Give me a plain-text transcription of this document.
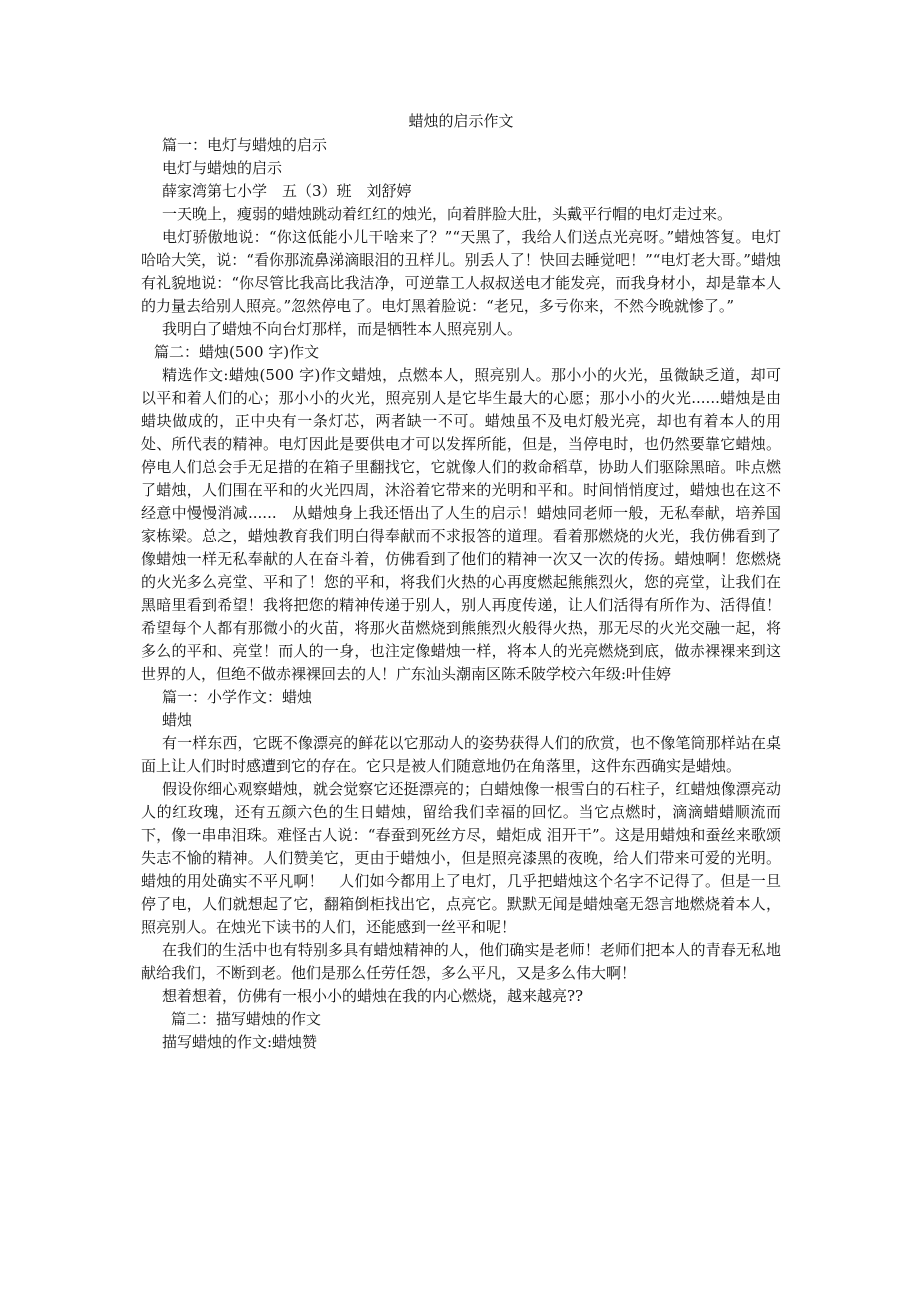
蜡烛的启示作文

篇一：电灯与蜡烛的启示

电灯与蜡烛的启示

薛家湾第七小学　五（3）班　刘舒婷

一天晚上，瘦弱的蜡烛跳动着红红的烛光，向着胖脸大肚，头戴平行帽的电灯走过来。

电灯骄傲地说：“你这低能小儿干啥来了？”“天黑了，我给人们送点光亮呀。”蜡烛答复。电灯哈哈大笑，说：“看你那流鼻涕滴眼泪的丑样儿。别丢人了！快回去睡觉吧！”“电灯老大哥。”蜡烛有礼貌地说：“你尽管比我高比我洁净，可逆靠工人叔叔送电才能发亮，而我身材小，却是靠本人的力量去给别人照亮。”忽然停电了。电灯黑着脸说：“老兄，多亏你来，不然今晚就惨了。”

我明白了蜡烛不向台灯那样，而是牺牲本人照亮别人。

篇二：蜡烛(500 字)作文

精选作文:蜡烛(500 字)作文蜡烛，点燃本人，照亮别人。那小小的火光，虽微缺乏道，却可以平和着人们的心；那小小的火光，照亮别人是它毕生最大的心愿；那小小的火光......蜡烛是由蜡块做成的，正中央有一条灯芯，两者缺一不可。蜡烛虽不及电灯般光亮，却也有着本人的用处、所代表的精神。电灯因此是要供电才可以发挥所能，但是，当停电时，也仍然要靠它蜡烛。停电人们总会手无足措的在箱子里翻找它，它就像人们的救命稻草，协助人们驱除黑暗。咔点燃了蜡烛，人们围在平和的火光四周，沐浴着它带来的光明和平和。时间悄悄度过，蜡烛也在这不经意中慢慢消减......　从蜡烛身上我还悟出了人生的启示！蜡烛同老师一般，无私奉献，培养国家栋梁。总之，蜡烛教育我们明白得奉献而不求报答的道理。看着那燃烧的火光，我仿佛看到了像蜡烛一样无私奉献的人在奋斗着，仿佛看到了他们的精神一次又一次的传扬。蜡烛啊！您燃烧的火光多么亮堂、平和了！您的平和，将我们火热的心再度燃起熊熊烈火，您的亮堂，让我们在黑暗里看到希望！我将把您的精神传递于别人，别人再度传递，让人们活得有所作为、活得值！　希望每个人都有那微小的火苗，将那火苗燃烧到熊熊烈火般得火热，那无尽的火光交融一起，将多么的平和、亮堂！而人的一身，也注定像蜡烛一样，将本人的光亮燃烧到底，做赤裸裸来到这世界的人，但绝不做赤裸裸回去的人！广东汕头潮南区陈禾陂学校六年级:叶佳婷

篇一：小学作文：蜡烛

蜡烛

有一样东西，它既不像漂亮的鲜花以它那动人的姿势获得人们的欣赏，也不像笔筒那样站在桌面上让人们时时感遭到它的存在。它只是被人们随意地仍在角落里，这件东西确实是蜡烛。

假设你细心观察蜡烛，就会觉察它还挺漂亮的；白蜡烛像一根雪白的石柱子，红蜡烛像漂亮动人的红玫瑰，还有五颜六色的生日蜡烛，留给我们幸福的回忆。当它点燃时，滴滴蜡蜡顺流而下，像一串串泪珠。难怪古人说：“春蚕到死丝方尽，蜡炬成 泪开干”。这是用蜡烛和蚕丝来歌颂失志不愉的精神。人们赞美它，更由于蜡烛小，但是照亮漆黑的夜晚，给人们带来可爱的光明。蜡烛的用处确实不平凡啊！　人们如今都用上了电灯，几乎把蜡烛这个名字不记得了。但是一旦停了电，人们就想起了它，翻箱倒柜找出它，点亮它。默默无闻是蜡烛毫无怨言地燃烧着本人，照亮别人。在烛光下读书的人们，还能感到一丝平和呢！

在我们的生活中也有特别多具有蜡烛精神的人，他们确实是老师！老师们把本人的青春无私地献给我们，不断到老。他们是那么任劳任怨，多么平凡，又是多么伟大啊！

想着想着，仿佛有一根小小的蜡烛在我的内心燃烧，越来越亮??

篇二：描写蜡烛的作文

描写蜡烛的作文:蜡烛赞
